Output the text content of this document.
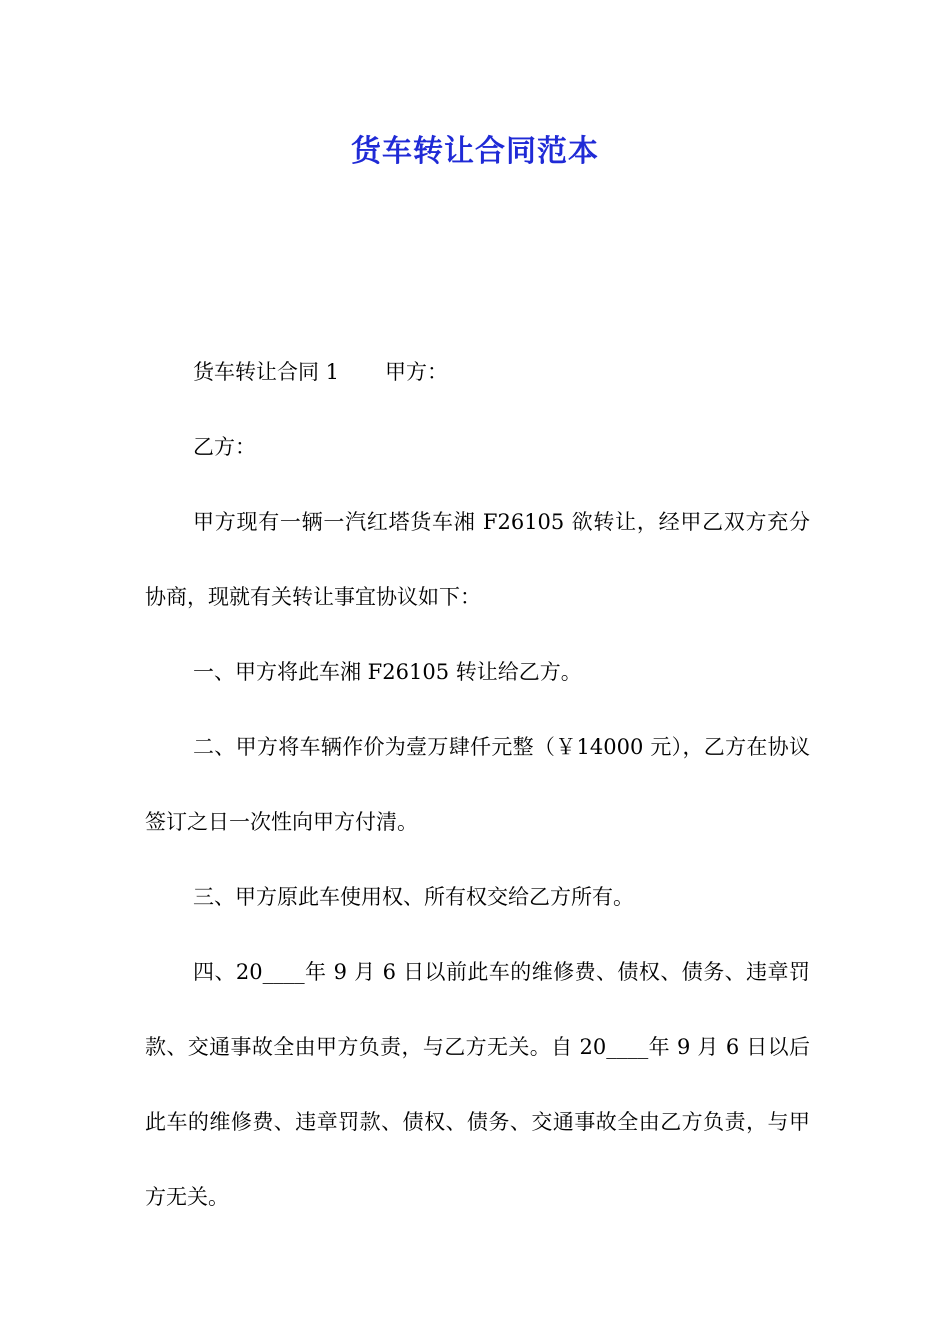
货车转让合同范本

货车转让合同 1 甲方：

乙方：

甲方现有一辆一汽红塔货车湘 F26105 欲转让，经甲乙双方充分协商，现就有关转让事宜协议如下：

一、甲方将此车湘 F26105 转让给乙方。

二、甲方将车辆作价为壹万肆仟元整（￥14000 元），乙方在协议签订之日一次性向甲方付清。

三、甲方原此车使用权、所有权交给乙方所有。

四、20____年 9 月 6 日以前此车的维修费、债权、债务、违章罚款、交通事故全由甲方负责，与乙方无关。自 20____年 9 月 6 日以后此车的维修费、违章罚款、债权、债务、交通事故全由乙方负责，与甲方无关。
